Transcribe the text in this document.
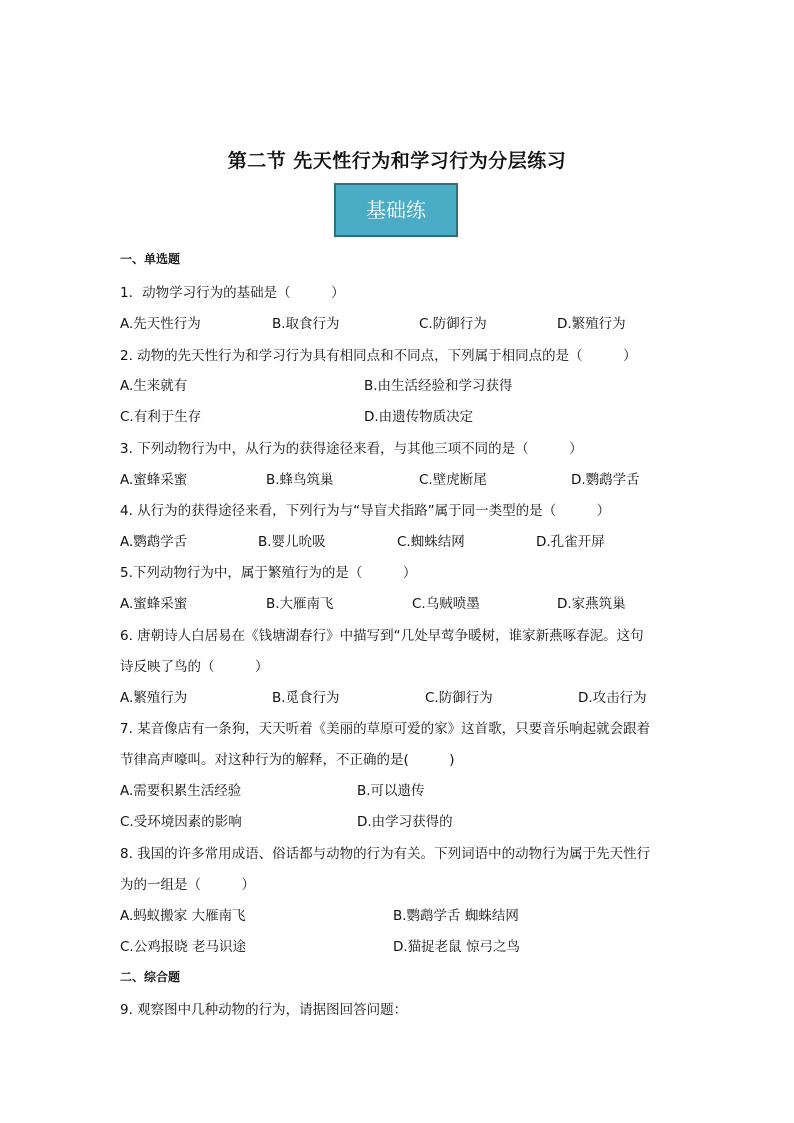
第二节 先天性行为和学习行为分层练习
基础练
一、单选题
1．动物学习行为的基础是（　　　）
A.先天性行为	B.取食行为	C.防御行为	D.繁殖行为
2. 动物的先天性行为和学习行为具有相同点和不同点，下列属于相同点的是（　　　）
A.生来就有	B.由生活经验和学习获得
C.有利于生存	D.由遗传物质决定
3. 下列动物行为中，从行为的获得途径来看，与其他三项不同的是（　　　）
A.蜜蜂采蜜	B.蜂鸟筑巢	C.壁虎断尾	D.鹦鹉学舌
4. 从行为的获得途径来看，下列行为与“导盲犬指路”属于同一类型的是（　　　）
A.鹦鹉学舌	B.婴儿吮吸	C.蜘蛛结网	D.孔雀开屏
5.下列动物行为中，属于繁殖行为的是（　　　）
A.蜜蜂采蜜	B.大雁南飞	C.乌贼喷墨	D.家燕筑巢
6. 唐朝诗人白居易在《钱塘湖春行》中描写到“几处早莺争暖树，谁家新燕啄春泥。这句
诗反映了鸟的（　　　）
A.繁殖行为	B.觅食行为	C.防御行为	D.攻击行为
7. 某音像店有一条狗，天天听着《美丽的草原可爱的家》这首歌，只要音乐响起就会跟着
节律高声嚎叫。对这种行为的解释，不正确的是(　　　)
A.需要积累生活经验	B.可以遗传
C.受环境因素的影响	D.由学习获得的
8. 我国的许多常用成语、俗话都与动物的行为有关。下列词语中的动物行为属于先天性行
为的一组是（　　　）
A.蚂蚁搬家 大雁南飞	B.鹦鹉学舌 蜘蛛结网
C.公鸡报晓 老马识途	D.猫捉老鼠 惊弓之鸟
二、综合题
9. 观察图中几种动物的行为，请据图回答问题：
